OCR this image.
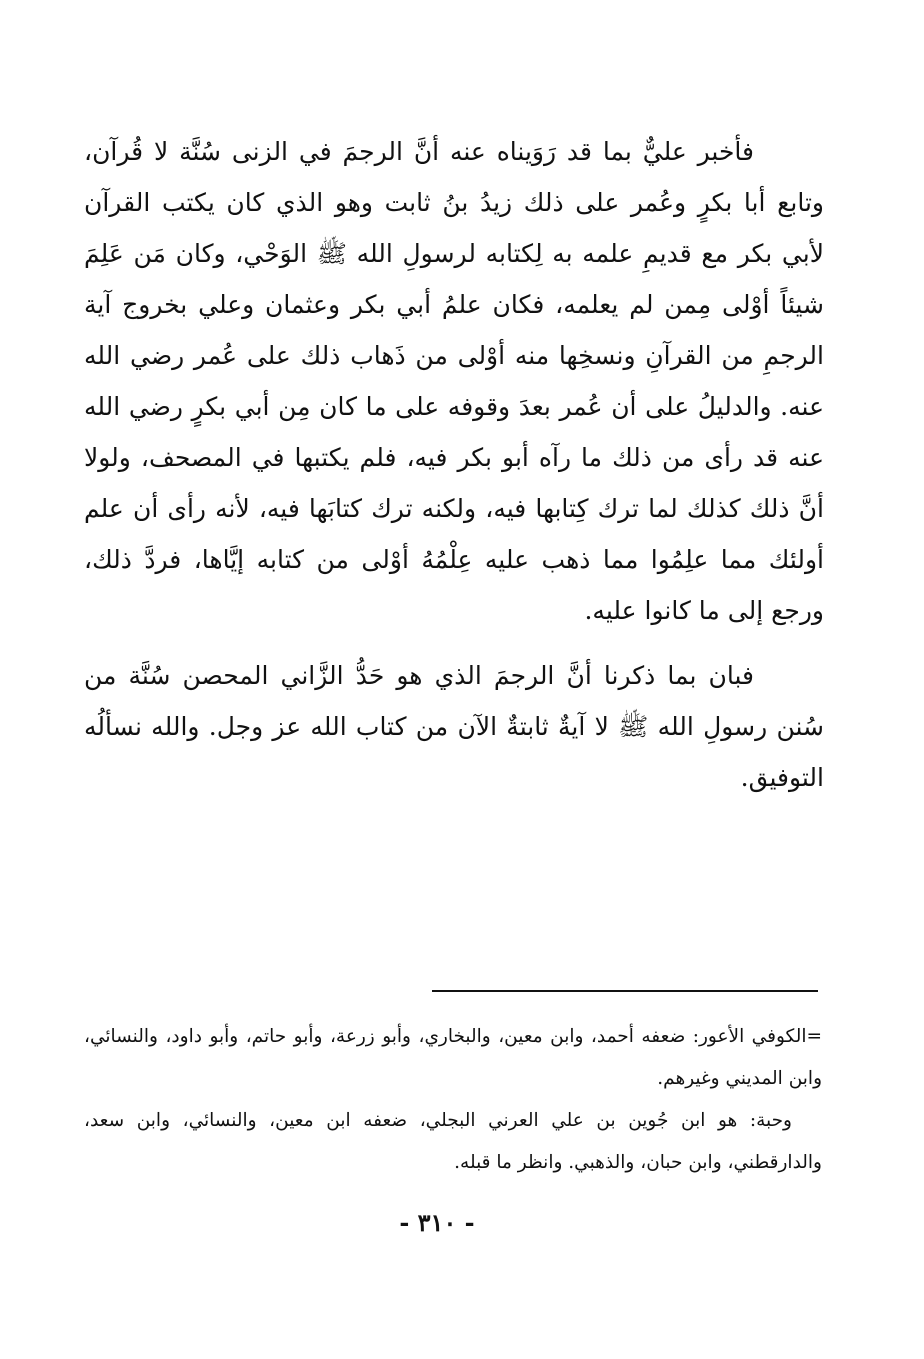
فأخبر عليٌّ بما قد رَوَيناه عنه أنَّ الرجمَ في الزنى سُنَّة لا قُرآن، وتابع أبا بكرٍ وعُمر على ذلك زيدُ بنُ ثابت وهو الذي كان يكتب القرآن لأبي بكر مع قديمِ علمه به لِكتابه لرسولِ الله ﷺ الوَحْي، وكان مَن عَلِمَ شيئاً أوْلى مِمن لم يعلمه، فكان علمُ أبي بكر وعثمان وعلي بخروج آية الرجمِ من القرآنِ ونسخِها منه أوْلى من ذَهاب ذلك على عُمر رضي الله عنه. والدليلُ على أن عُمر بعدَ وقوفه على ما كان مِن أبي بكرٍ رضي الله عنه قد رأى من ذلك ما رآه أبو بكر فيه، فلم يكتبها في المصحف، ولولا أنَّ ذلك كذلك لما ترك كِتابها فيه، ولكنه ترك كتابَها فيه، لأنه رأى أن علم أولئك مما علِمُوا مما ذهب عليه عِلْمُهُ أوْلى من كتابه إيَّاها، فردَّ ذلك، ورجع إلى ما كانوا عليه.

فبان بما ذكرنا أنَّ الرجمَ الذي هو حَدُّ الزَّاني المحصن سُنَّة من سُنن رسولِ الله ﷺ لا آيةٌ ثابتةٌ الآن من كتاب الله عز وجل. والله نسألُه التوفيق.

=الكوفي الأعور: ضعفه أحمد، وابن معين، والبخاري، وأبو زرعة، وأبو حاتم، وأبو داود، والنسائي، وابن المديني وغيرهم.

وحبة: هو ابن جُوين بن علي العرني البجلي، ضعفه ابن معين، والنسائي، وابن سعد، والدارقطني، وابن حبان، والذهبي. وانظر ما قبله.

- ٣١٠ -
